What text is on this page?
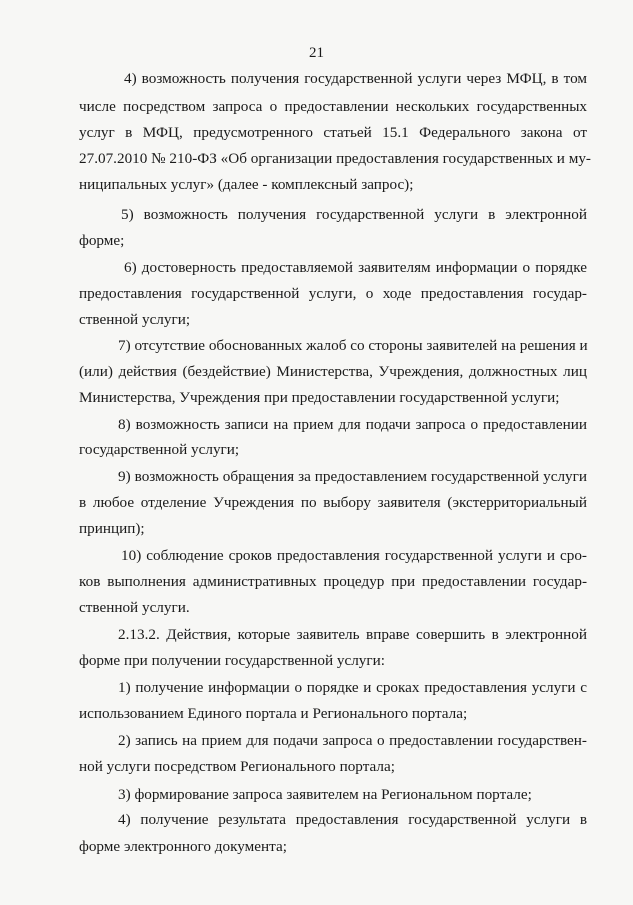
21
4) возможность получения государственной услуги через МФЦ, в том
числе посредством запроса о предоставлении нескольких государственных
услуг в МФЦ, предусмотренного статьей 15.1 Федерального закона от
27.07.2010 № 210-ФЗ «Об организации предоставления государственных и му-
ниципальных услуг» (далее - комплексный запрос);
5) возможность получения государственной услуги в электронной
форме;
6) достоверность предоставляемой заявителям информации о порядке
предоставления государственной услуги, о ходе предоставления государ-
ственной услуги;
7) отсутствие обоснованных жалоб со стороны заявителей на решения и
(или) действия (бездействие) Министерства, Учреждения, должностных лиц
Министерства, Учреждения при предоставлении государственной услуги;
8) возможность записи на прием для подачи запроса о предоставлении
государственной услуги;
9) возможность обращения за предоставлением государственной услуги
в любое отделение Учреждения по выбору заявителя (экстерриториальный
принцип);
10) соблюдение сроков предоставления государственной услуги и сро-
ков выполнения административных процедур при предоставлении государ-
ственной услуги.
2.13.2. Действия, которые заявитель вправе совершить в электронной
форме при получении государственной услуги:
1) получение информации о порядке и сроках предоставления услуги с
использованием Единого портала и Регионального портала;
2) запись на прием для подачи запроса о предоставлении государствен-
ной услуги посредством Регионального портала;
3) формирование запроса заявителем на Региональном портале;
4) получение результата предоставления государственной услуги в
форме электронного документа;
